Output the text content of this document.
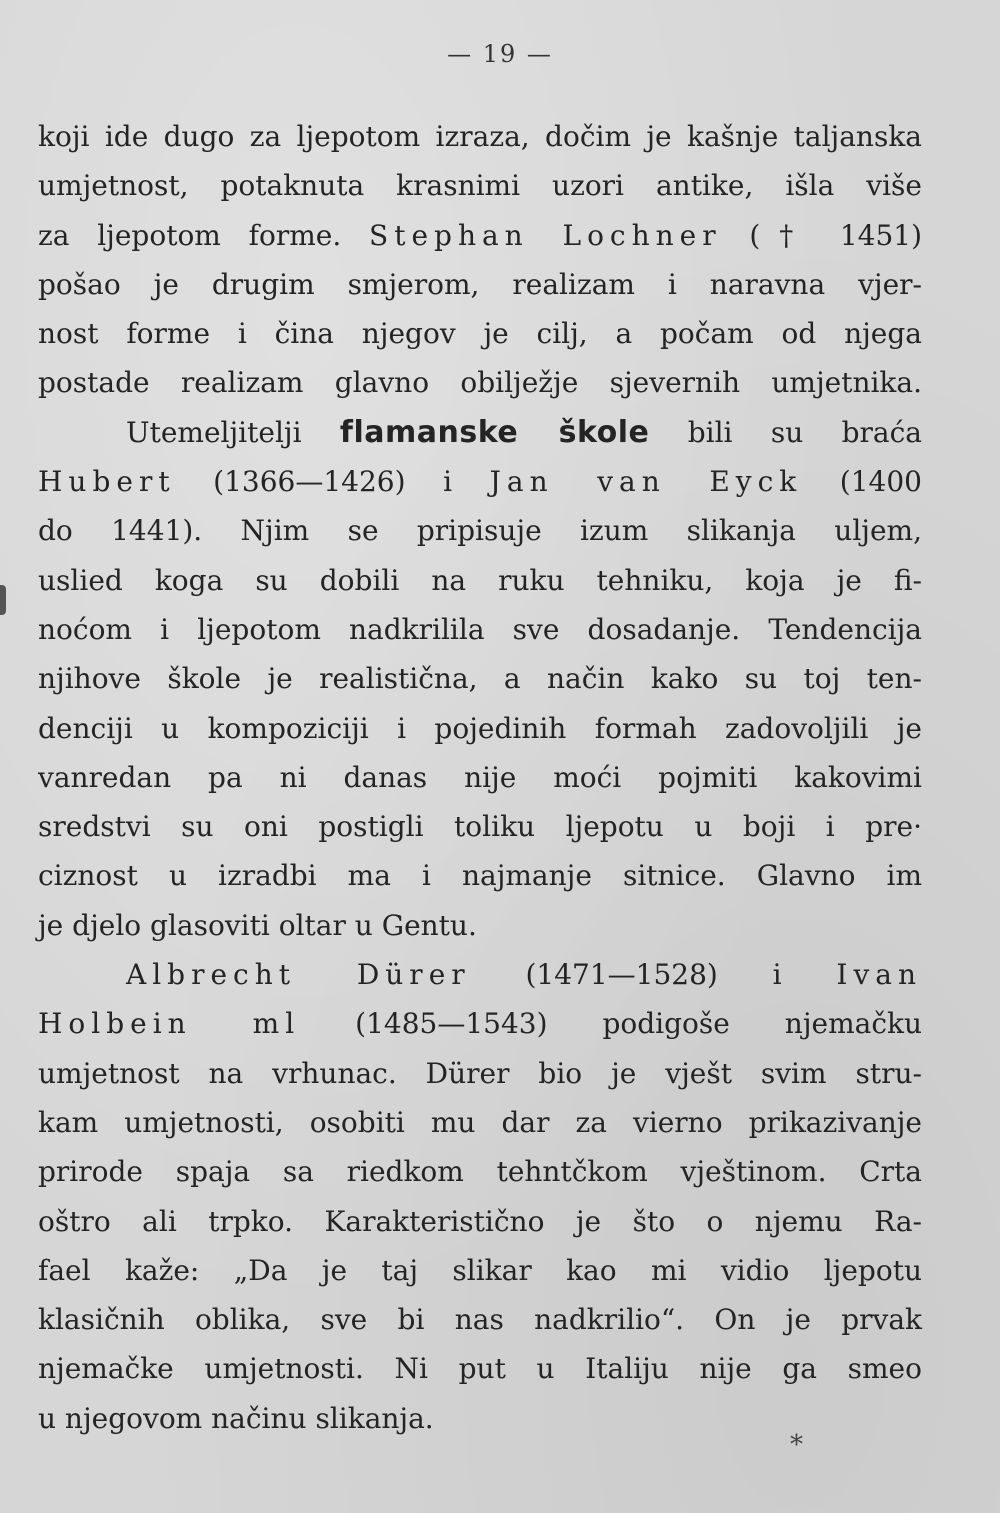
— 19 —
koji ide dugo za ljepotom izraza, dočim je kašnje taljanska
umjetnost, potaknuta krasnimi uzori antike, išla više
za ljepotom forme. Stephan Lochner († 1451)
pošao je drugim smjerom, realizam i naravna vjer-
nost forme i čina njegov je cilj, a počam od njega
postade realizam glavno obilježje sjevernih umjetnika.
Utemeljitelji flamanske škole bili su braća
Hubert (1366—1426) i Jan van Eyck (1400
do 1441). Njim se pripisuje izum slikanja uljem,
uslied koga su dobili na ruku tehniku, koja je fi-
noćom i ljepotom nadkrilila sve dosadanje. Tendencija
njihove škole je realistična, a način kako su toj ten-
denciji u kompoziciji i pojedinih formah zadovoljili je
vanredan pa ni danas nije moći pojmiti kakovimi
sredstvi su oni postigli toliku ljepotu u boji i pre·
ciznost u izradbi ma i najmanje sitnice. Glavno im
je djelo glasoviti oltar u Gentu.
Albrecht Dürer (1471—1528) i Ivan
Holbein ml (1485—1543) podigoše njemačku
umjetnost na vrhunac. Dürer bio je vješt svim stru-
kam umjetnosti, osobiti mu dar za vierno prikazivanje
prirode spaja sa riedkom tehntčkom vještinom. Crta
oštro ali trpko. Karakteristično je što o njemu Ra-
fael kaže: „Da je taj slikar kao mi vidio ljepotu
klasičnih oblika, sve bi nas nadkrilio“. On je prvak
njemačke umjetnosti. Ni put u Italiju nije ga smeo
u njegovom načinu slikanja.
*
